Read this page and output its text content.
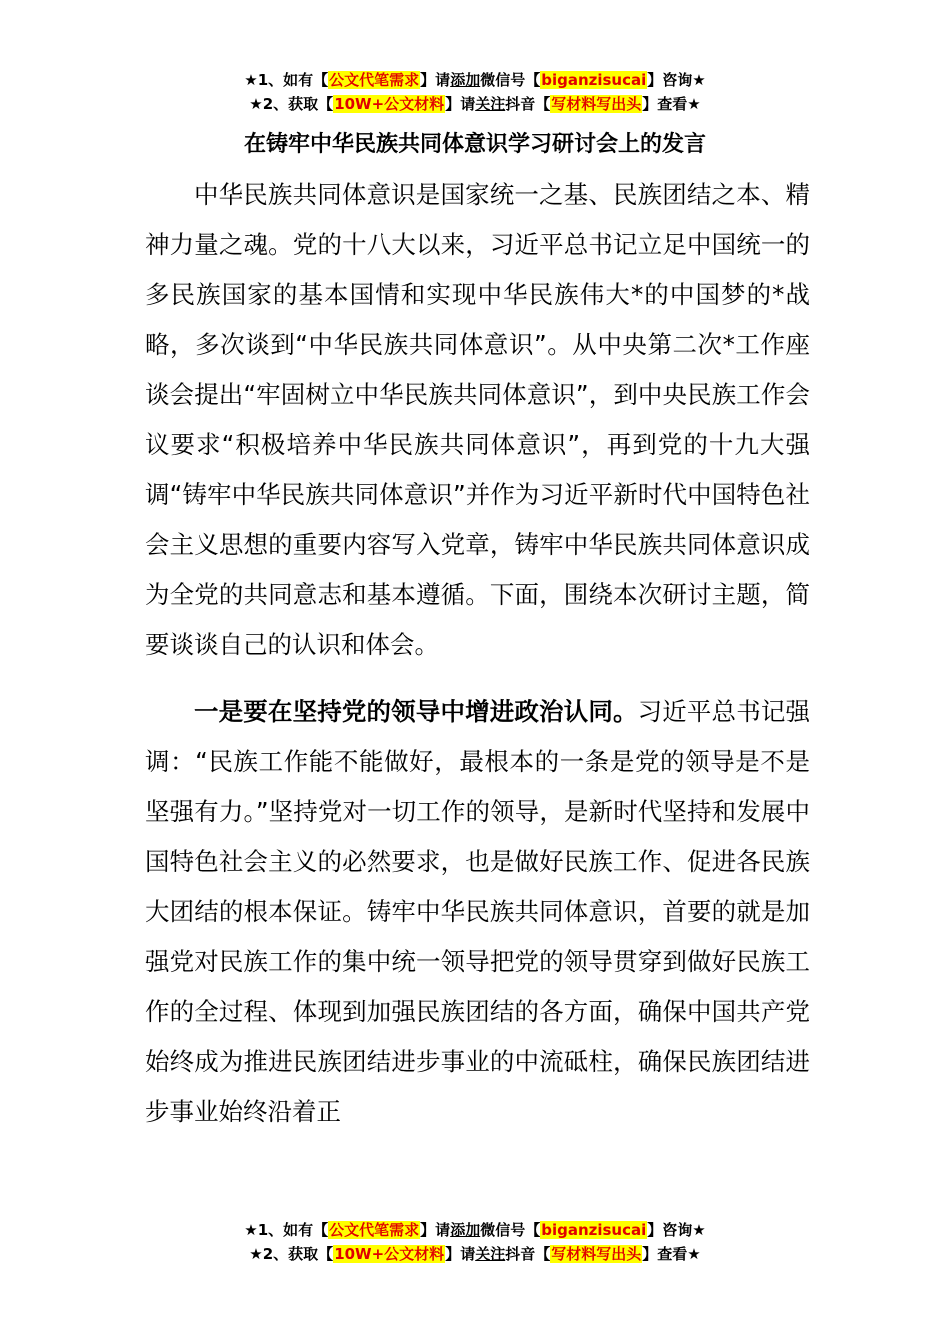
★1、如有【公文代笔需求】请添加微信号【biganzisucai】咨询★
★2、获取【10W+公文材料】请关注抖音【写材料写出头】查看★
在铸牢中华民族共同体意识学习研讨会上的发言

中华民族共同体意识是国家统一之基、民族团结之本、精神力量之魂。党的十八大以来，习近平总书记立足中国统一的多民族国家的基本国情和实现中华民族伟大*的中国梦的*战略，多次谈到“中华民族共同体意识”。从中央第二次*工作座谈会提出“牢固树立中华民族共同体意识”，到中央民族工作会议要求“积极培养中华民族共同体意识”，再到党的十九大强调“铸牢中华民族共同体意识”并作为习近平新时代中国特色社会主义思想的重要内容写入党章，铸牢中华民族共同体意识成为全党的共同意志和基本遵循。下面，围绕本次研讨主题，简要谈谈自己的认识和体会。

一是要在坚持党的领导中增进政治认同。习近平总书记强调：“民族工作能不能做好，最根本的一条是党的领导是不是坚强有力。”坚持党对一切工作的领导，是新时代坚持和发展中国特色社会主义的必然要求，也是做好民族工作、促进各民族大团结的根本保证。铸牢中华民族共同体意识，首要的就是加强党对民族工作的集中统一领导把党的领导贯穿到做好民族工作的全过程、体现到加强民族团结的各方面，确保中国共产党始终成为推进民族团结进步事业的中流砥柱，确保民族团结进步事业始终沿着正

★1、如有【公文代笔需求】请添加微信号【biganzisucai】咨询★
★2、获取【10W+公文材料】请关注抖音【写材料写出头】查看★
